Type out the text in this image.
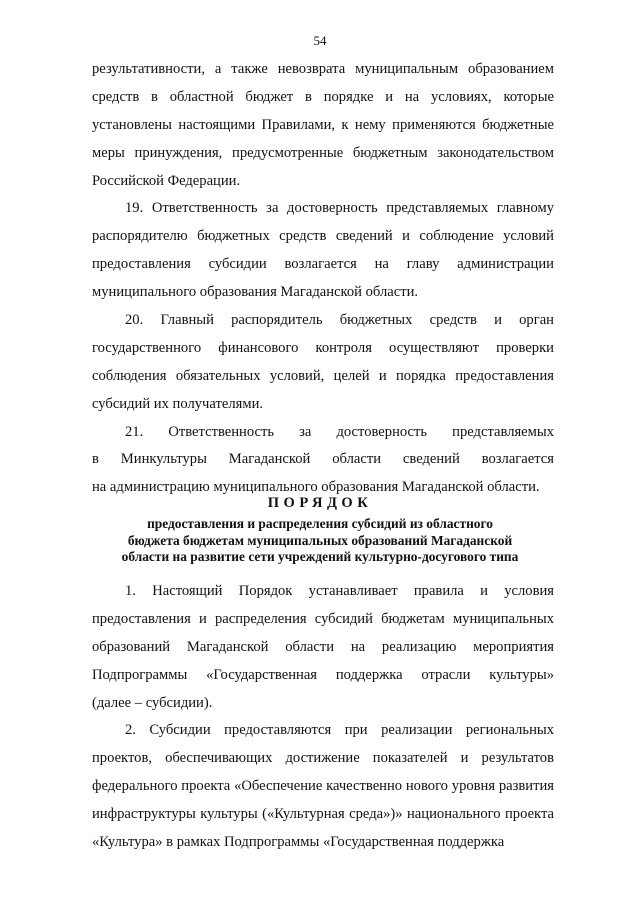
54
результативности, а также невозврата муниципальным образованием
средств в областной бюджет в порядке и на условиях, которые
установлены настоящими Правилами, к нему применяются бюджетные
меры принуждения, предусмотренные бюджетным законодательством
Российской Федерации.
19. Ответственность за достоверность представляемых главному
распорядителю бюджетных средств сведений и соблюдение условий
предоставления субсидии возлагается на главу администрации
муниципального образования Магаданской области.
20. Главный распорядитель бюджетных средств и орган
государственного финансового контроля осуществляют проверки
соблюдения обязательных условий, целей и порядка предоставления
субсидий их получателями.
21. Ответственность за достоверность представляемых
в Минкультуры Магаданской области сведений возлагается
на администрацию муниципального образования Магаданской области.
ПОРЯДОК
предоставления и распределения субсидий из областного
бюджета бюджетам муниципальных образований Магаданской
области на развитие сети учреждений культурно-досугового типа
1. Настоящий Порядок устанавливает правила и условия
предоставления и распределения субсидий бюджетам муниципальных
образований Магаданской области на реализацию мероприятия
Подпрограммы «Государственная поддержка отрасли культуры»
(далее – субсидии).
2. Субсидии предоставляются при реализации региональных
проектов, обеспечивающих достижение показателей и результатов
федерального проекта «Обеспечение качественно нового уровня развития
инфраструктуры культуры («Культурная среда»)» национального проекта
«Культура» в рамках Подпрограммы «Государственная поддержка
